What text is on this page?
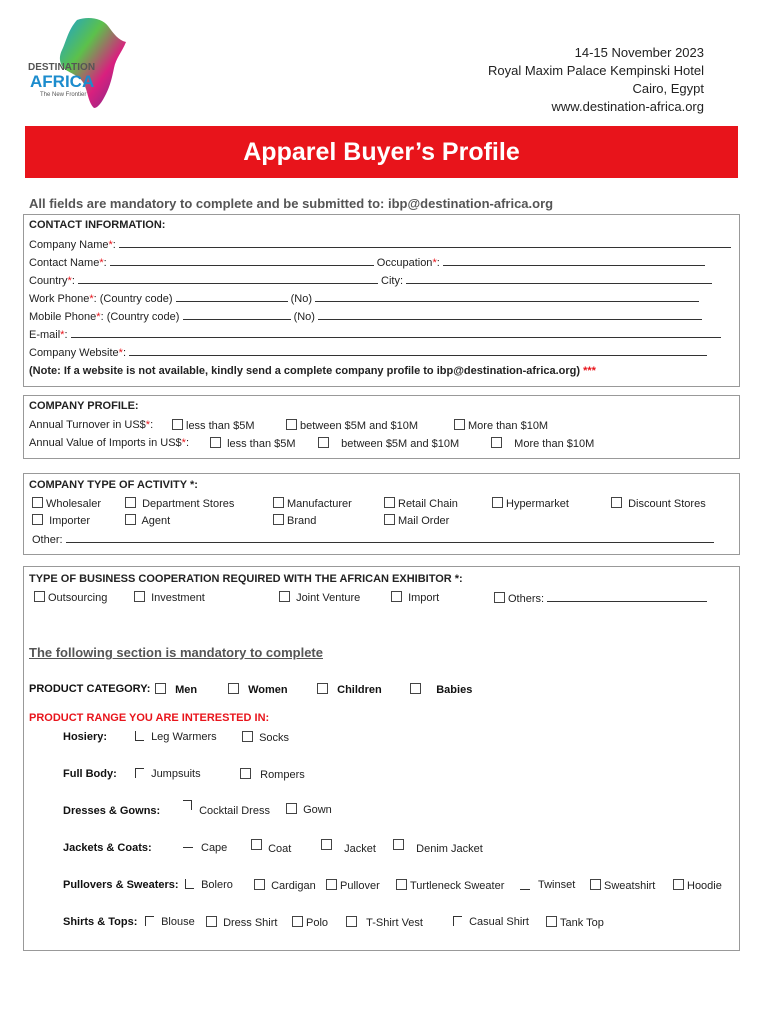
DESTINATION
AFRICA
The New Frontier
14-15 November 2023
Royal Maxim Palace Kempinski Hotel
Cairo, Egypt
www.destination-africa.org
Apparel Buyer’s Profile
All fields are mandatory to complete and be submitted to: ibp@destination-africa.org
CONTACT INFORMATION:
Company Name*:
Contact Name*:	Occupation*:
Country*:	City:
Work Phone*: (Country code)	(No)
Mobile Phone*: (Country code)	(No)
E-mail*:
Company Website*:
(Note: If a website is not available, kindly send a complete company profile to ibp@destination-africa.org) ***
COMPANY PROFILE:
Annual Turnover in US$*:	less than $5M	between $5M and $10M	More than $10M
Annual Value of Imports in US$*:	less than $5M	between $5M and $10M	More than $10M
COMPANY TYPE OF ACTIVITY *:
Wholesaler	Department Stores	Manufacturer	Retail Chain	Hypermarket	Discount Stores
Importer	Agent	Brand	Mail Order
Other:
TYPE OF BUSINESS COOPERATION REQUIRED WITH THE AFRICAN EXHIBITOR *:
Outsourcing	Investment	Joint Venture	Import	Others:
The following section is mandatory to complete
PRODUCT CATEGORY:	Men	Women	Children	Babies
PRODUCT RANGE YOU ARE INTERESTED IN:
Hosiery:	Leg Warmers	Socks
Full Body:	Jumpsuits	Rompers
Dresses & Gowns:	Cocktail Dress	Gown
Jackets & Coats:	Cape	Coat	Jacket	Denim Jacket
Pullovers & Sweaters:	Bolero	Cardigan	Pullover	Turtleneck Sweater	Twinset	Sweatshirt	Hoodie
Shirts & Tops:	Blouse	Dress Shirt	Polo	T-Shirt Vest	Casual Shirt	Tank Top
